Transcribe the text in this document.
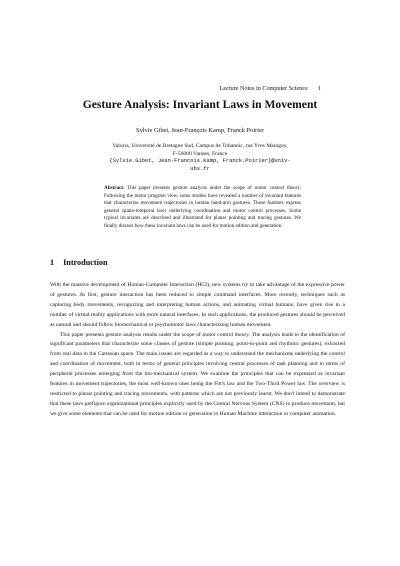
Lecture Notes in Computer Science 1
Gesture Analysis: Invariant Laws in Movement
Sylvie Gibet, Jean-François Kamp, Franck Poirier
Valoria, Université de Bretagne Sud, Campus de Tohannic, rue Yves Mainguy,
F-56000 Vannes, France
{Sylvie.Gibet, Jean-Francois.Kamp, Franck.Poirier}@univ-
ubs.fr
Abstract. This paper presents gesture analysis under the scope of motor control theory. Following the motor program view, some studies have revealed a number of invariant features that characterize movement trajectories in human hand-arm gestures. These features express general spatio-temporal laws underlying coordination and motor control processes. Some typical invariants are described and illustrated for planar pointing and tracing gestures. We finally discuss how these invariant laws can be used for motion edition and generation.
1 Introduction

With the massive development of Human-Computer Interaction (HCI), new systems try to take advantage of the expressive power of gestures. At first, gesture interaction has been reduced to simple command interfaces. More recently, techniques such as capturing body movements, recognizing and interpreting human actions, and animating virtual humans, have given rise to a number of virtual reality applications with more natural interfaces. In such applications, the produced gestures should be perceived as natural and should follow biomechanical or psychomotor laws characterizing human movement.

This paper presents gesture analysis results under the scope of motor control theory. The analysis leads to the identification of significant parameters that characterize some classes of gesture (simple pointing, point-to-point and rhythmic gestures), extracted from real data in the Cartesian space. The main issues are regarded as a way to understand the mechanisms underlying the control and coordination of movement, both in terms of general principles involving central processes of task planning and in terms of peripheral processes emerging from the bio-mechanical system. We examine the principles that can be expressed as invariant features in movement trajectories, the most well-known ones being the Fitt's law and the Two-Third Power law. The overview is restricted to planar pointing and tracing movements, with patterns which are not previously learnt. We don't intend to demonstrate that these laws prefigure organizational principles explicitly used by the Central Nervous System (CNS) to produce movement, but we give some elements that can be used for motion edition or generation in Human Machine interaction or computer animation.
